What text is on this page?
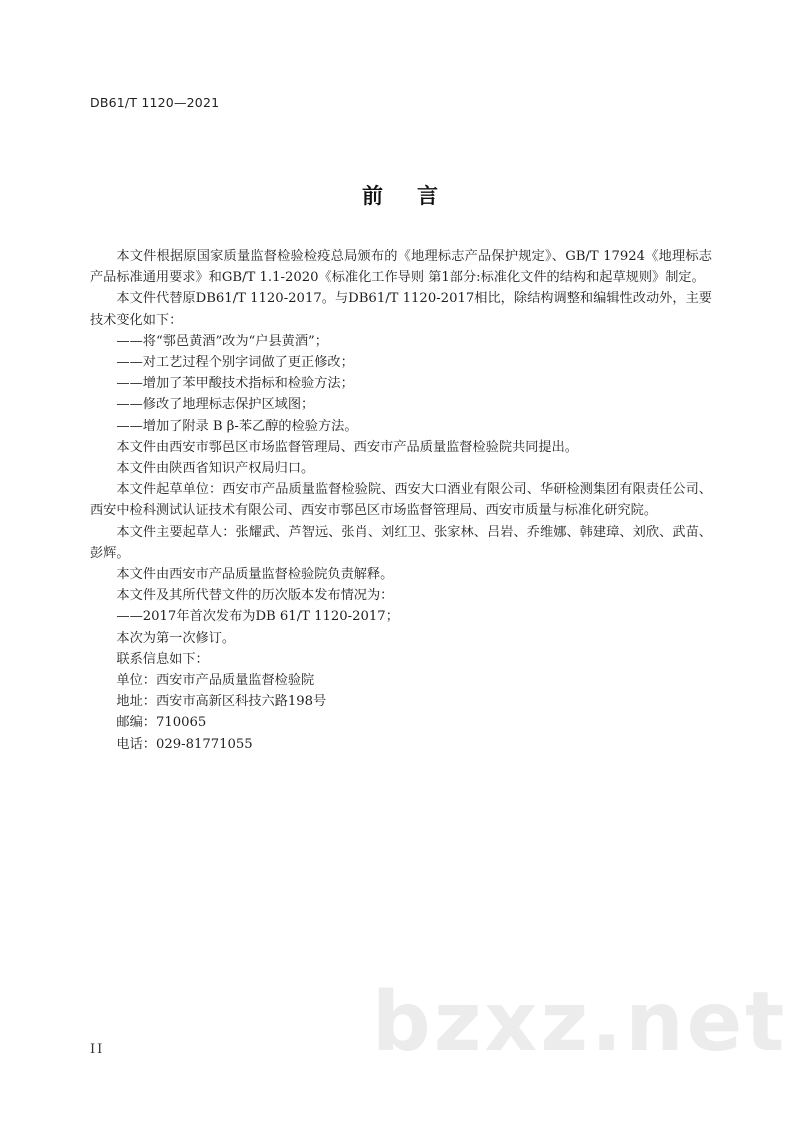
DB61/T 1120—2021
前言

本文件根据原国家质量监督检验检疫总局颁布的《地理标志产品保护规定》、GB/T 17924《地理标志产品标准通用要求》和GB/T 1.1-2020《标准化工作导则 第1部分:标准化文件的结构和起草规则》制定。

本文件代替原DB61/T 1120-2017。与DB61/T 1120-2017相比，除结构调整和编辑性改动外，主要技术变化如下：

——将“鄠邑黄酒”改为“户县黄酒”；

——对工艺过程个别字词做了更正修改；

——增加了苯甲酸技术指标和检验方法；

——修改了地理标志保护区域图；

——增加了附录 B β-苯乙醇的检验方法。

本文件由西安市鄠邑区市场监督管理局、西安市产品质量监督检验院共同提出。

本文件由陕西省知识产权局归口。

本文件起草单位：西安市产品质量监督检验院、西安大口酒业有限公司、华研检测集团有限责任公司、西安中检科测试认证技术有限公司、西安市鄠邑区市场监督管理局、西安市质量与标准化研究院。

本文件主要起草人：张耀武、芦智远、张肖、刘红卫、张家林、吕岩、乔维娜、韩建璋、刘欣、武苗、彭辉。

本文件由西安市产品质量监督检验院负责解释。

本文件及其所代替文件的历次版本发布情况为：

——2017年首次发布为DB 61/T 1120-2017；

本次为第一次修订。

联系信息如下：

单位：西安市产品质量监督检验院

地址：西安市高新区科技六路198号

邮编：710065

电话：029-81771055

bzxz.net
II
